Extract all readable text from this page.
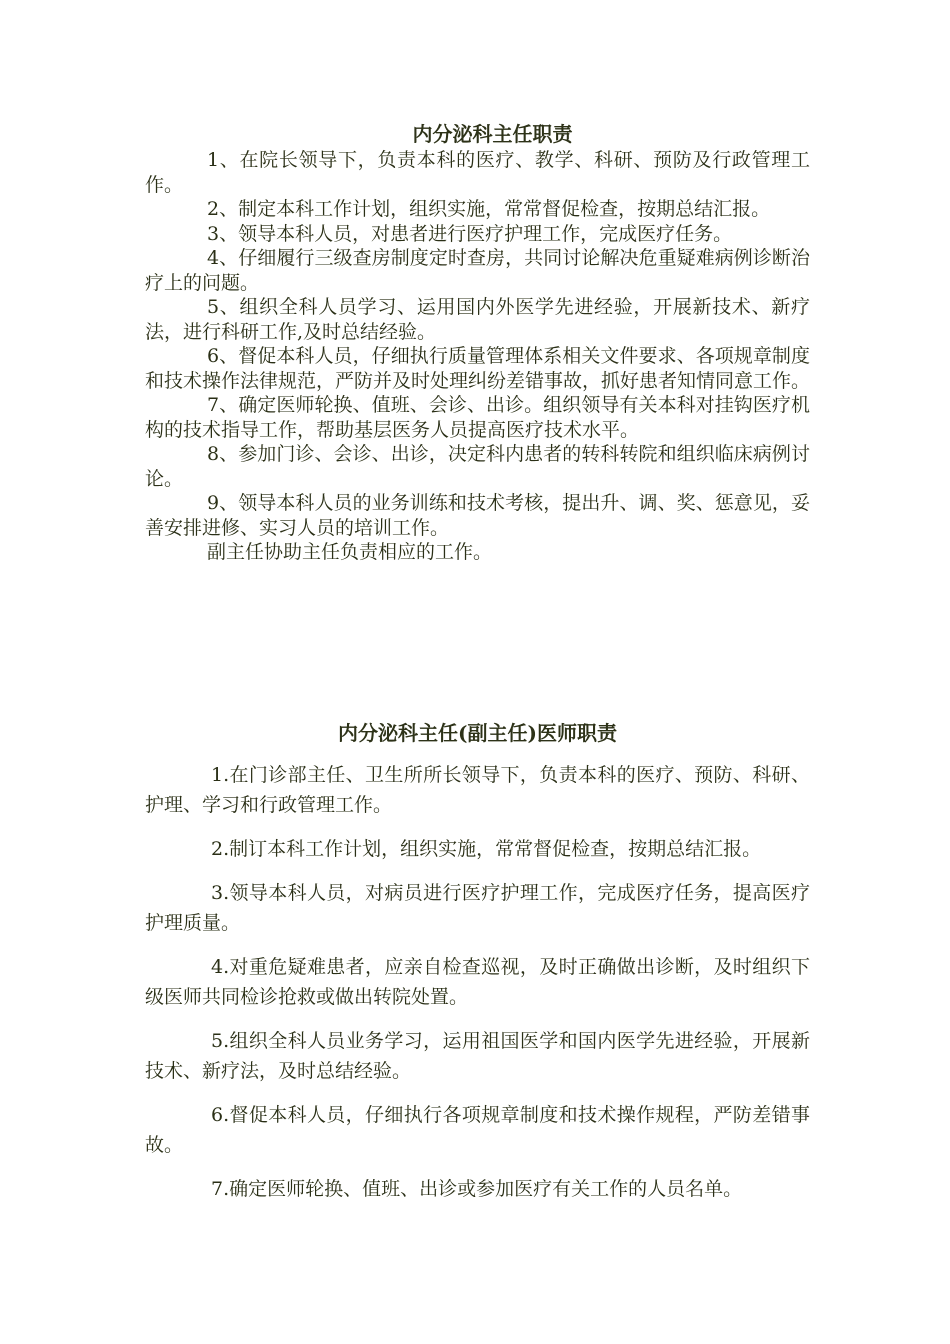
内分泌科主任职责

1、在院长领导下，负责本科的医疗、教学、科研、预防及行政管理工作。

2、制定本科工作计划，组织实施，常常督促检查，按期总结汇报。

3、领导本科人员，对患者进行医疗护理工作，完成医疗任务。

4、仔细履行三级查房制度定时查房，共同讨论解决危重疑难病例诊断治疗上的问题。

5、组织全科人员学习、运用国内外医学先进经验，开展新技术、新疗法，进行科研工作,及时总结经验。

6、督促本科人员，仔细执行质量管理体系相关文件要求、各项规章制度和技术操作法律规范，严防并及时处理纠纷差错事故，抓好患者知情同意工作。

7、确定医师轮换、值班、会诊、出诊。组织领导有关本科对挂钩医疗机构的技术指导工作，帮助基层医务人员提高医疗技术水平。

8、参加门诊、会诊、出诊，决定科内患者的转科转院和组织临床病例讨论。

9、领导本科人员的业务训练和技术考核，提出升、调、奖、惩意见，妥善安排进修、实习人员的培训工作。

副主任协助主任负责相应的工作。

内分泌科主任(副主任)医师职责

1.在门诊部主任、卫生所所长领导下，负责本科的医疗、预防、科研、护理、学习和行政管理工作。

2.制订本科工作计划，组织实施，常常督促检查，按期总结汇报。

3.领导本科人员，对病员进行医疗护理工作，完成医疗任务，提高医疗护理质量。

4.对重危疑难患者，应亲自检查巡视，及时正确做出诊断，及时组织下级医师共同检诊抢救或做出转院处置。

5.组织全科人员业务学习，运用祖国医学和国内医学先进经验，开展新技术、新疗法，及时总结经验。

6.督促本科人员，仔细执行各项规章制度和技术操作规程，严防差错事故。

7.确定医师轮换、值班、出诊或参加医疗有关工作的人员名单。
